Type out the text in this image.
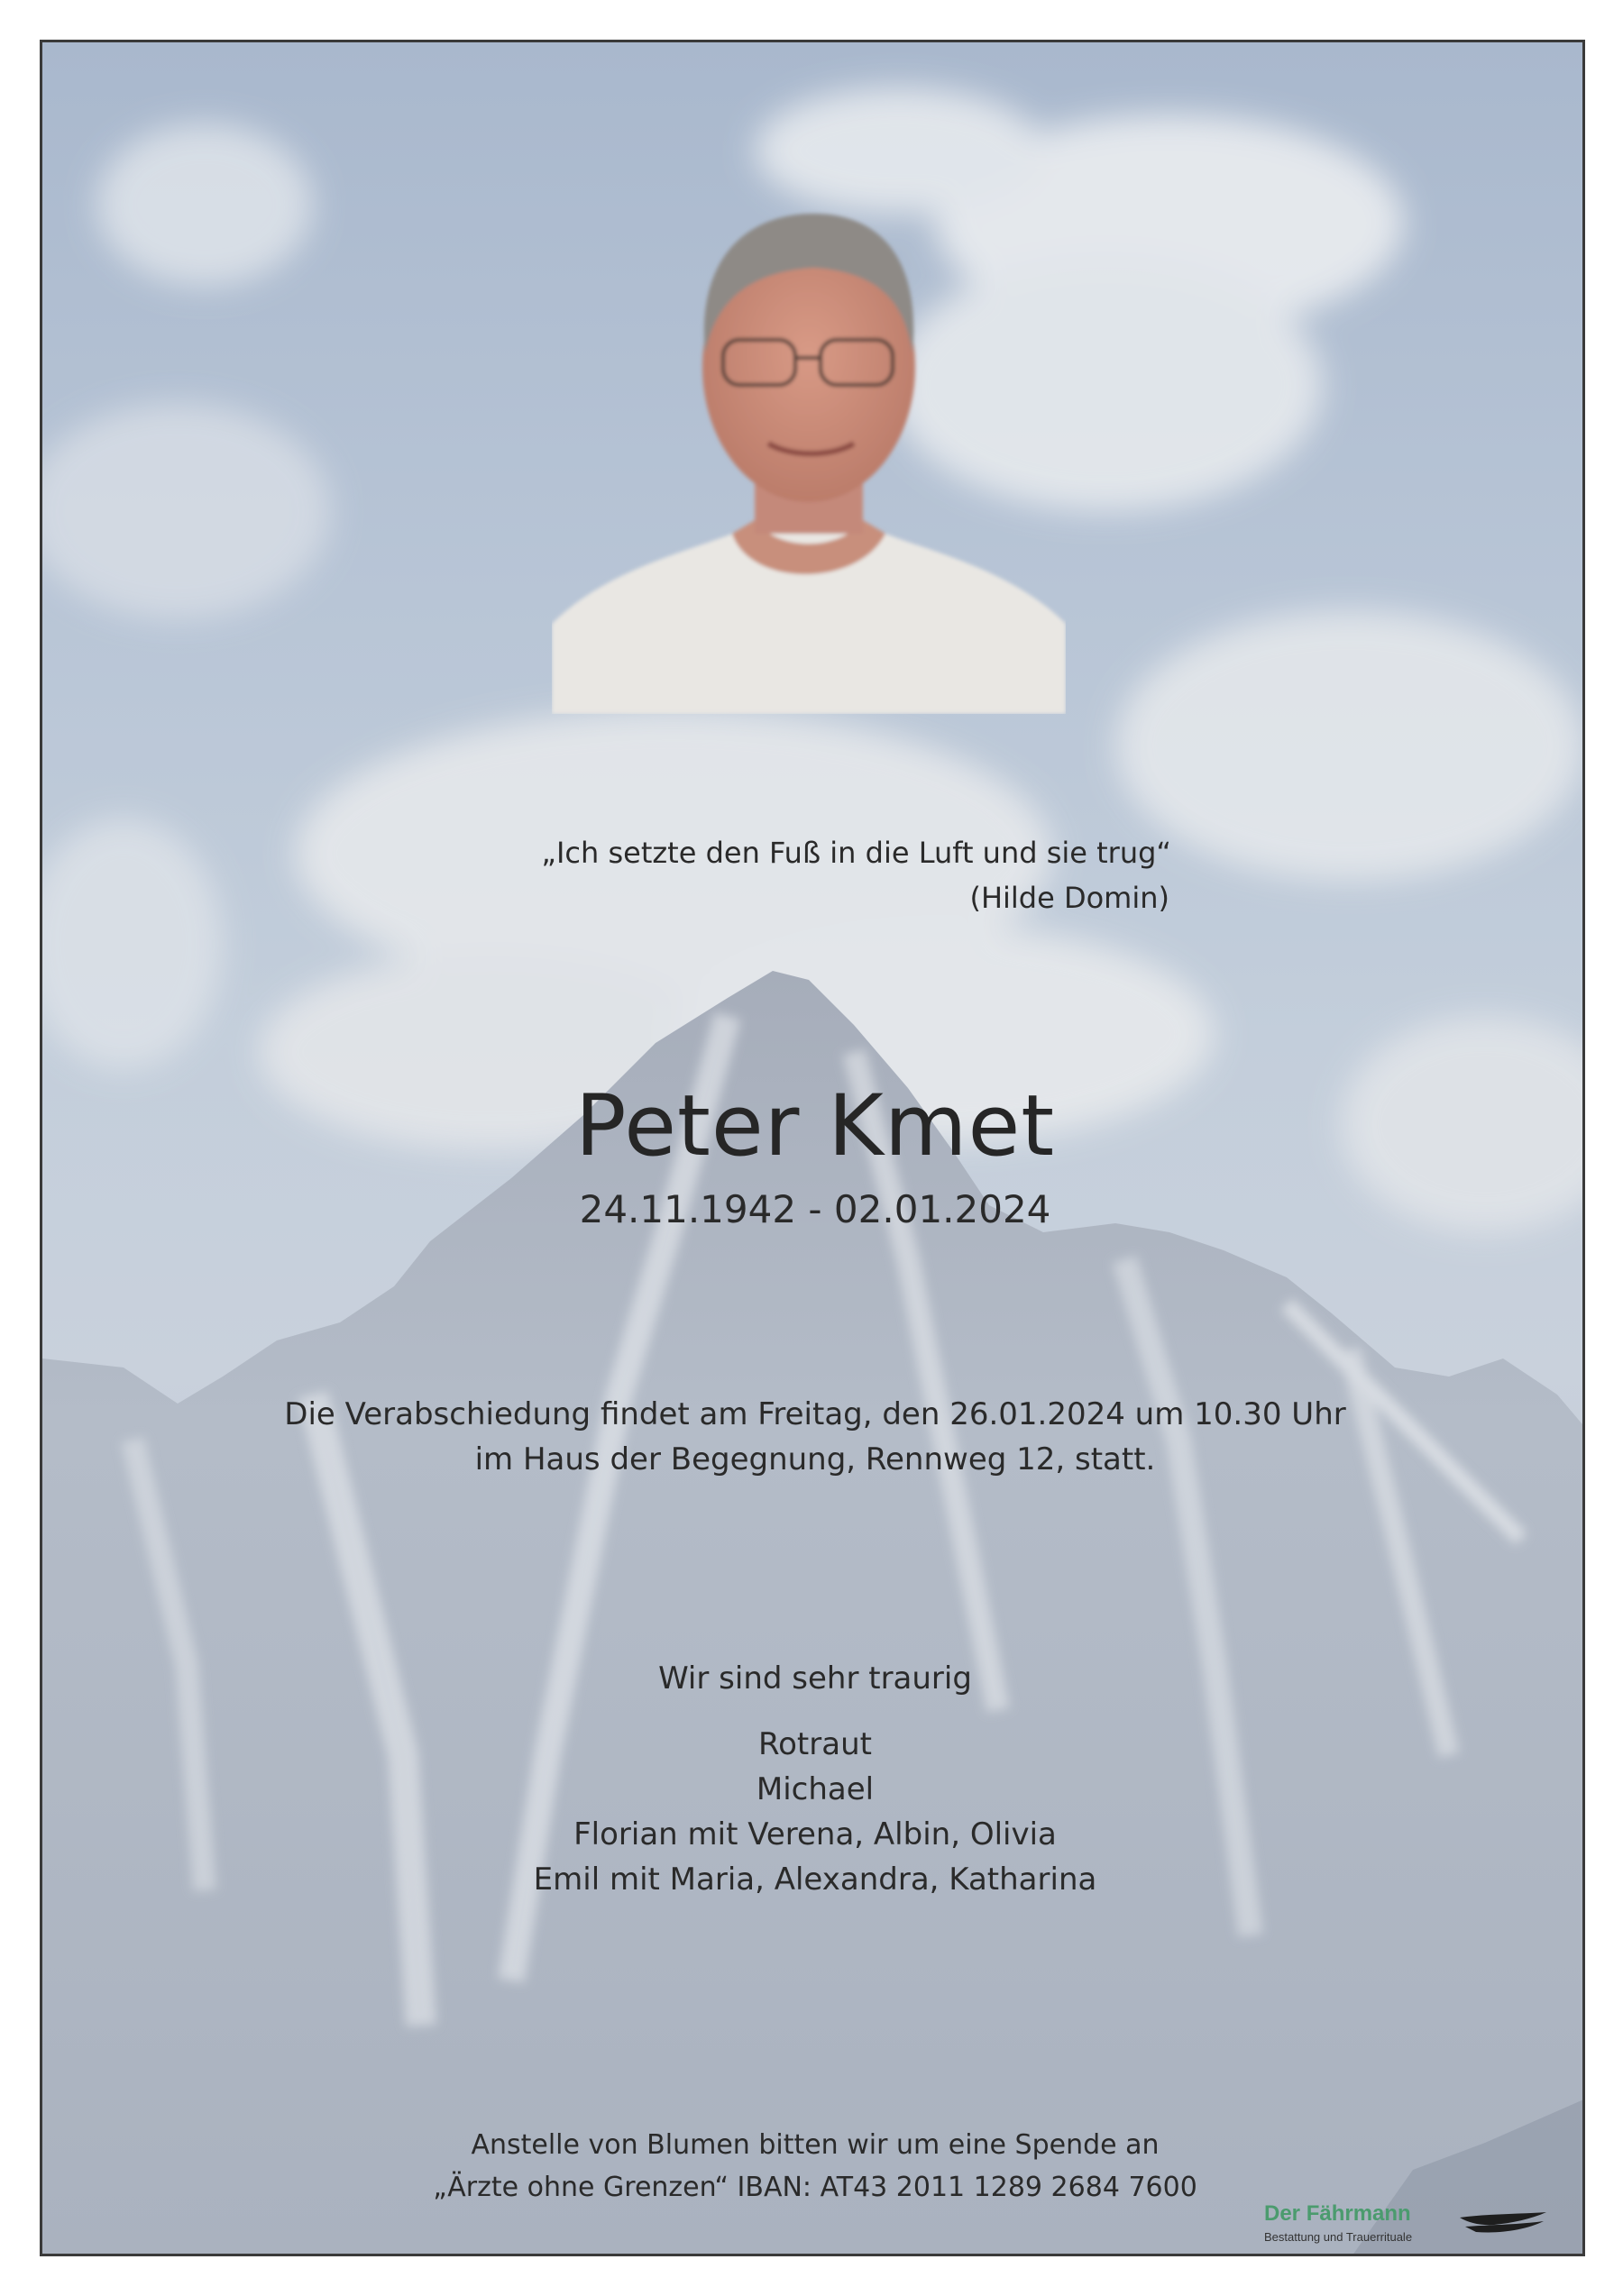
„Ich setzte den Fuß in die Luft und sie trug“
(Hilde Domin)
Peter Kmet
24.11.1942 - 02.01.2024
Die Verabschiedung findet am Freitag, den 26.01.2024 um 10.30 Uhr
im Haus der Begegnung, Rennweg 12, statt.
Wir sind sehr traurig
Rotraut
Michael
Florian mit Verena, Albin, Olivia
Emil mit Maria, Alexandra, Katharina
Anstelle von Blumen bitten wir um eine Spende an
„Ärzte ohne Grenzen“ IBAN: AT43 2011 1289 2684 7600
Der Fährmann
Bestattung und Trauerrituale
